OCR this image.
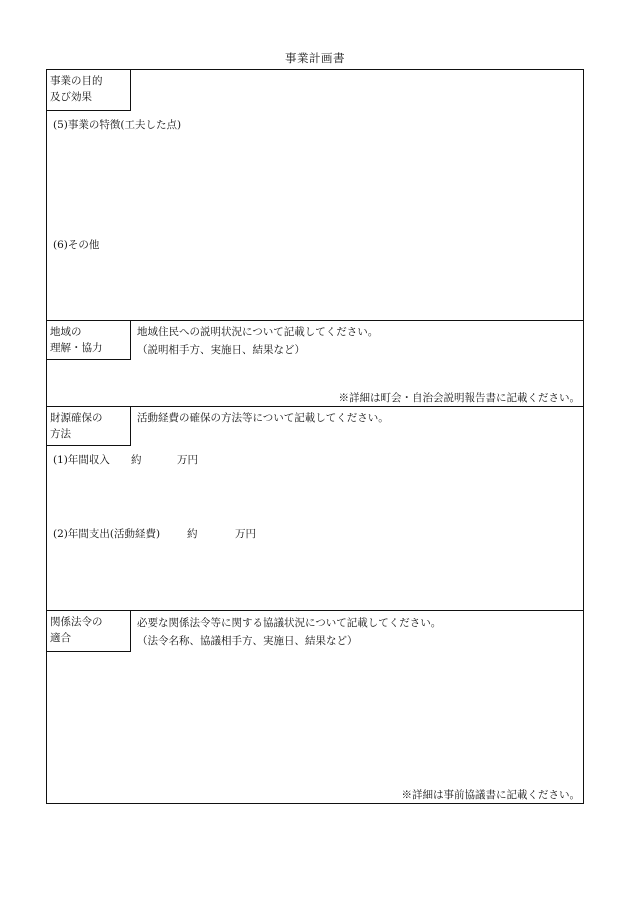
事業計画書
事業の目的
及び効果
(5)事業の特徴(工夫した点)
(6)その他
地域の
理解・協力
地域住民への説明状況について記載してください。
（説明相手方、実施日、結果など）
※詳細は町会・自治会説明報告書に記載ください。
財源確保の
方法
活動経費の確保の方法等について記載してください。
(1)年間収入 約	万円
(2)年間支出(活動経費)	約	万円
関係法令の
適合
必要な関係法令等に関する協議状況について記載してください。
（法令名称、協議相手方、実施日、結果など）
※詳細は事前協議書に記載ください。
